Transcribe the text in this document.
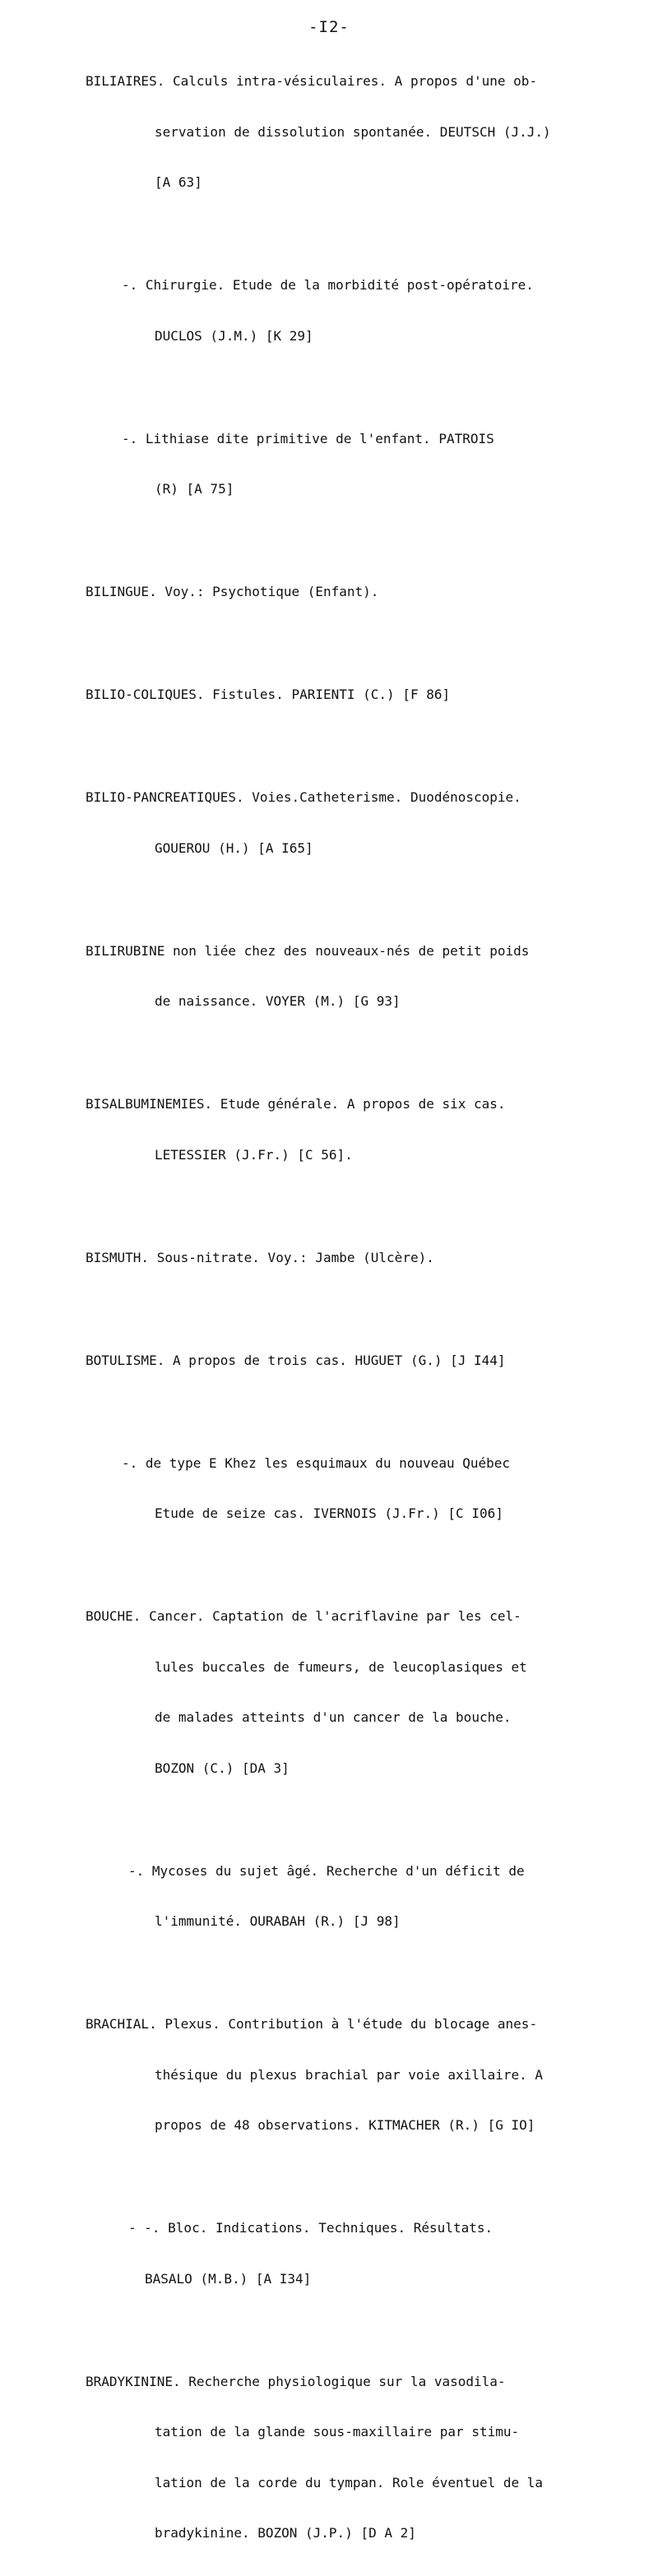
-I2-

BILIAIRES. Calculs intra-vésiculaires. A propos d'une ob-

servation de dissolution spontanée. DEUTSCH (J.J.)

[A 63]

-. Chirurgie. Etude de la morbidité post-opératoire.

DUCLOS (J.M.) [K 29]

-. Lithiase dite primitive de l'enfant. PATROIS

(R) [A 75]

BILINGUE. Voy.: Psychotique (Enfant).

BILIO-COLIQUES. Fistules. PARIENTI (C.) [F 86]

BILIO-PANCREATIQUES. Voies.Catheterisme. Duodénoscopie.

GOUEROU (H.) [A I65]

BILIRUBINE non liée chez des nouveaux-nés de petit poids

de naissance. VOYER (M.) [G 93]

BISALBUMINEMIES. Etude générale. A propos de six cas.

LETESSIER (J.Fr.) [C 56].

BISMUTH. Sous-nitrate. Voy.: Jambe (Ulcère).

BOTULISME. A propos de trois cas. HUGUET (G.) [J I44]

-. de type E Khez les esquimaux du nouveau Québec

Etude de seize cas. IVERNOIS (J.Fr.) [C I06]

BOUCHE. Cancer. Captation de l'acriflavine par les cel-

lules buccales de fumeurs, de leucoplasiques et

de malades atteints d'un cancer de la bouche.

BOZON (C.) [DA 3]

-. Mycoses du sujet âgé. Recherche d'un déficit de

l'immunité. OURABAH (R.) [J 98]

BRACHIAL. Plexus. Contribution à l'étude du blocage anes-

thésique du plexus brachial par voie axillaire. A

propos de 48 observations. KITMACHER (R.) [G IO]

- -. Bloc. Indications. Techniques. Résultats.

BASALO (M.B.) [A I34]

BRADYKININE. Recherche physiologique sur la vasodila-

tation de la glande sous-maxillaire par stimu-

lation de la corde du tympan. Role éventuel de la

bradykinine. BOZON (J.P.) [D A 2]
